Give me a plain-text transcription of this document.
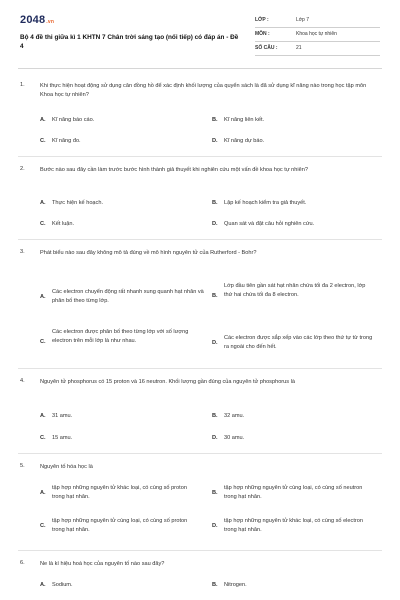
2048.vn
Bộ 4 đề thi giữa kì 1 KHTN 7 Chân trời sáng tạo (nối tiếp) có đáp án - Đề 4
LỚP :	Lớp 7
MÔN :	Khoa học tự nhiên
SỐ CÂU :	21
1.	Khi thực hiện hoạt động sử dụng cân đồng hồ để xác định khối lượng của quyển sách là đã sử dụng kĩ năng nào trong học tập môn Khoa học tự nhiên?
A. Kĩ năng báo cáo.	B. Kĩ năng liên kết.
C. Kĩ năng đo.	D. Kĩ năng dự báo.
2.	Bước nào sau đây cần làm trước bước hình thành giả thuyết khi nghiên cứu một vấn đề khoa học tự nhiên?
A. Thực hiện kế hoạch.	B. Lập kế hoạch kiểm tra giả thuyết.
C. Kết luận.	D. Quan sát và đặt câu hỏi nghiên cứu.
3.	Phát biểu nào sau đây không mô tả đúng về mô hình nguyên tử của Rutherford - Bohr?
A.
Các electron chuyển động rất nhanh xung quanh hạt nhân và phân bố theo từng lớp.
B.
Lớp đầu tiên gần sát hạt nhân chứa tối đa 2 electron, lớp thứ hai chứa tối đa 8 electron.
C.
Các electron được phân bố theo từng lớp với số lượng electron trên mỗi lớp là như nhau.	D.
Các electron được sắp xếp vào các lớp theo thứ tự từ trong ra ngoài cho đến hết.
4.	Nguyên tử phosphorus có 15 proton và 16 neutron. Khối lượng gần đúng của nguyên tử phosphorus là
A. 31 amu.	B. 32 amu.
C. 15 amu.	D. 30 amu.
5.	Nguyên tố hóa học là
A.
tập hợp những nguyên tử khác loại, có cùng số proton trong hạt nhân.
B.
tập hợp những nguyên tử cùng loại, có cùng số neutron trong hạt nhân.
C.
tập hợp những nguyên tử cùng loại, có cùng số proton trong hạt nhân.
D.
tập hợp những nguyên tử khác loại, có cùng số electron trong hạt nhân.
6.	Ne là kí hiệu hoá học của nguyên tố nào sau đây?
A. Sodium.	B. Nitrogen.
